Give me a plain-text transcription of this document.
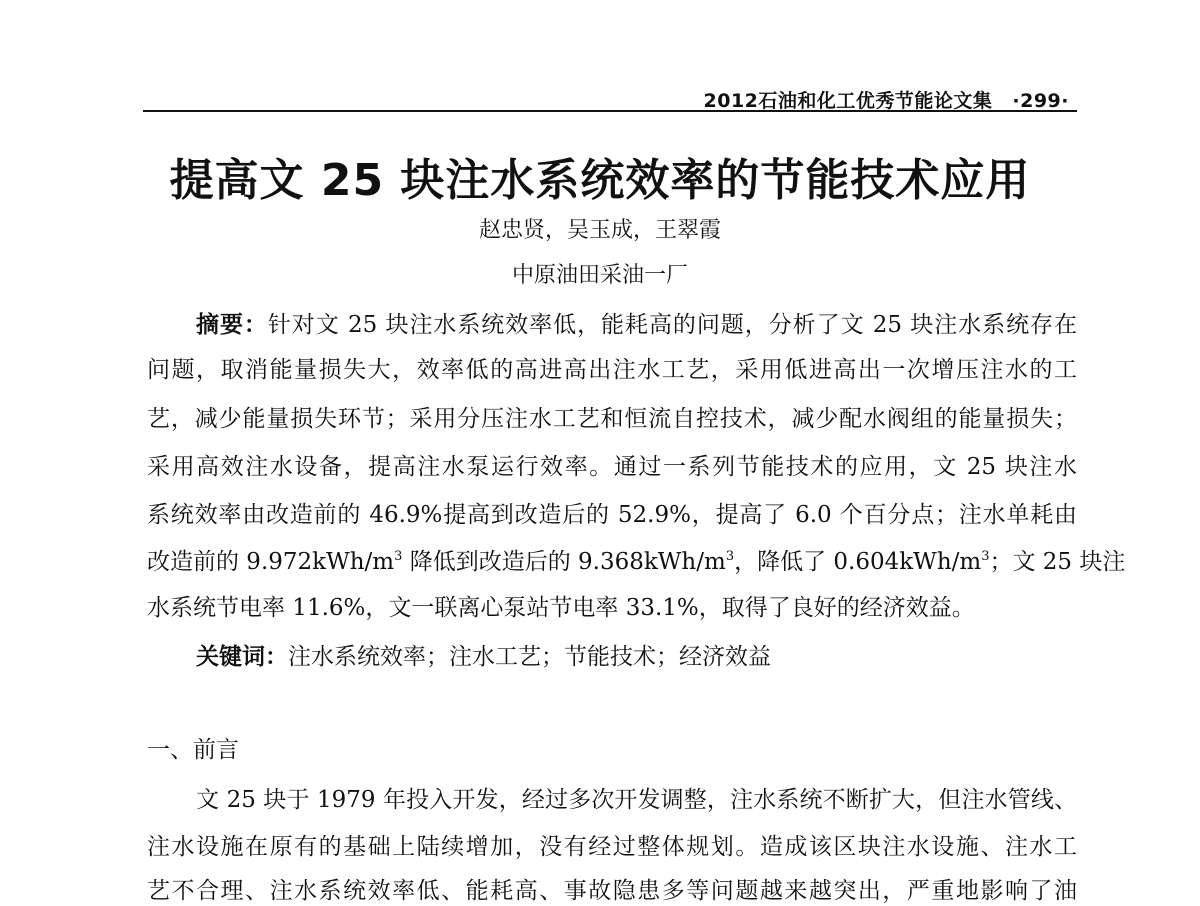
2012石油和化工优秀节能论文集 ·299·
提高文 25 块注水系统效率的节能技术应用
赵忠贤，吴玉成，王翠霞
中原油田采油一厂
摘要：针对文 25 块注水系统效率低，能耗高的问题，分析了文 25 块注水系统存在
问题，取消能量损失大，效率低的高进高出注水工艺，采用低进高出一次增压注水的工
艺，减少能量损失环节；采用分压注水工艺和恒流自控技术，减少配水阀组的能量损失；
采用高效注水设备，提高注水泵运行效率。通过一系列节能技术的应用，文 25 块注水
系统效率由改造前的 46.9%提高到改造后的 52.9%，提高了 6.0 个百分点；注水单耗由
改造前的 $9.972kWh/m^3$ 降低到改造后的 $9.368kWh/m^3$，降低了 $0.604kWh/m^3$；文 25 块注
水系统节电率 11.6%，文一联离心泵站节电率 33.1%，取得了良好的经济效益。
关键词：注水系统效率；注水工艺；节能技术；经济效益
一、前言
文 25 块于 1979 年投入开发，经过多次开发调整，注水系统不断扩大，但注水管线、
注水设施在原有的基础上陆续增加，没有经过整体规划。造成该区块注水设施、注水工
艺不合理、注水系统效率低、能耗高、事故隐患多等问题越来越突出，严重地影响了油
